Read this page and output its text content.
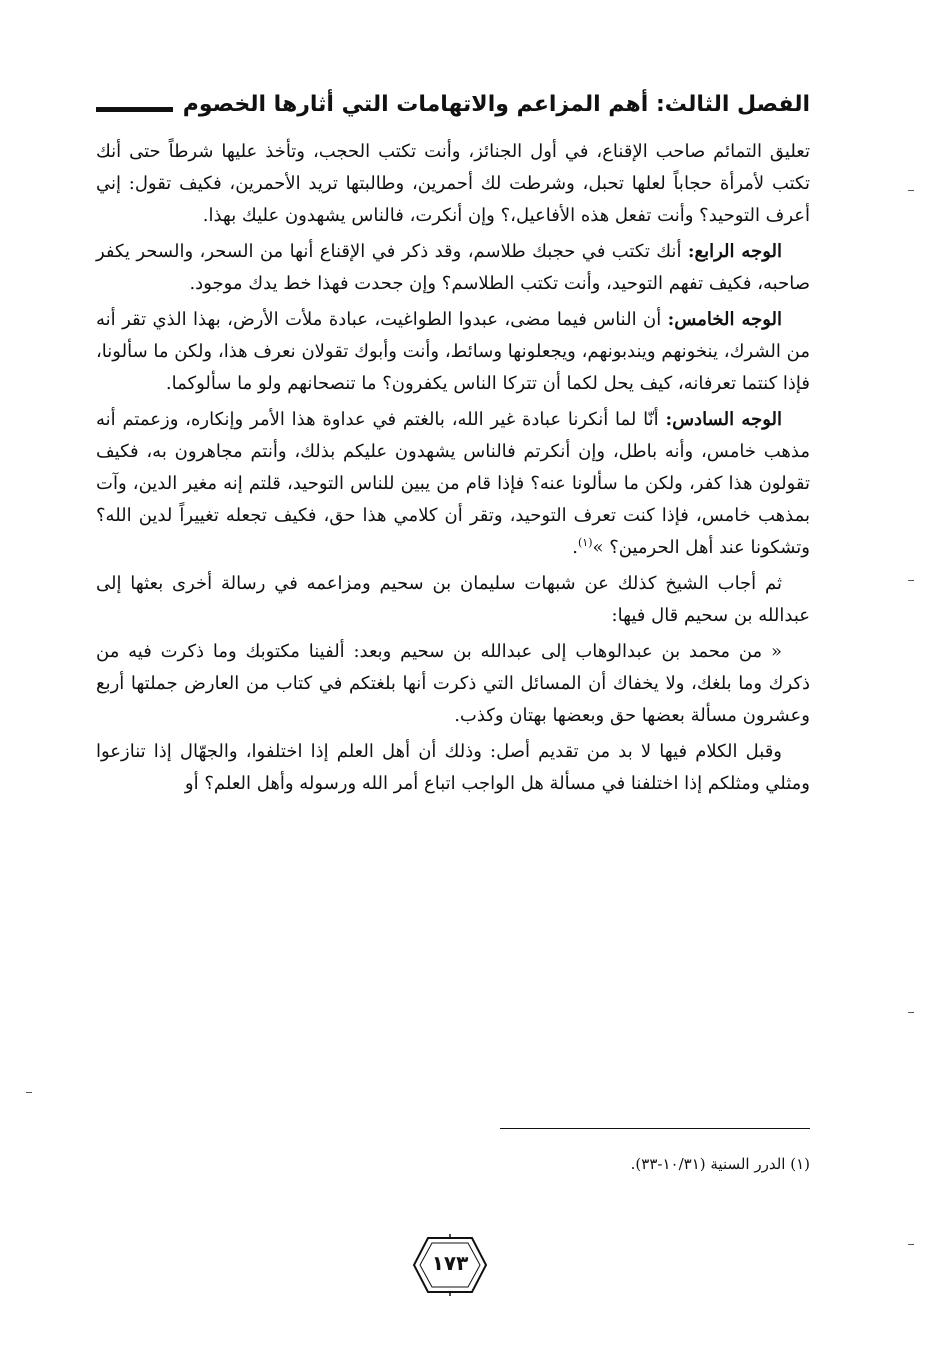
الفصل الثالث: أهم المزاعم والاتهامات التي أثارها الخصوم

تعليق التمائم صاحب الإقناع، في أول الجنائز، وأنت تكتب الحجب، وتأخذ عليها شرطاً حتى أنك تكتب لأمرأة حجاباً لعلها تحبل، وشرطت لك أحمرين، وطالبتها تريد الأحمرين، فكيف تقول: إني أعرف التوحيد؟ وأنت تفعل هذه الأفاعيل،؟ وإن أنكرت، فالناس يشهدون عليك بهذا.

الوجه الرابع: أنك تكتب في حجبك طلاسم، وقد ذكر في الإقناع أنها من السحر، والسحر يكفر صاحبه، فكيف تفهم التوحيد، وأنت تكتب الطلاسم؟ وإن جحدت فهذا خط يدك موجود.

الوجه الخامس: أن الناس فيما مضى، عبدوا الطواغيت، عبادة ملأت الأرض، بهذا الذي تقر أنه من الشرك، ينخونهم ويندبونهم، ويجعلونها وسائط، وأنت وأبوك تقولان نعرف هذا، ولكن ما سألونا، فإذا كنتما تعرفانه، كيف يحل لكما أن تتركا الناس يكفرون؟ ما تنصحانهم ولو ما سألوكما.

الوجه السادس: أنّا لما أنكرنا عبادة غير الله، بالغتم في عداوة هذا الأمر وإنكاره، وزعمتم أنه مذهب خامس، وأنه باطل، وإن أنكرتم فالناس يشهدون عليكم بذلك، وأنتم مجاهرون به، فكيف تقولون هذا كفر، ولكن ما سألونا عنه؟ فإذا قام من يبين للناس التوحيد، قلتم إنه مغير الدين، وآت بمذهب خامس، فإذا كنت تعرف التوحيد، وتقر أن كلامي هذا حق، فكيف تجعله تغييراً لدين الله؟ وتشكونا عند أهل الحرمين؟ »$^{(١)}$.

ثم أجاب الشيخ كذلك عن شبهات سليمان بن سحيم ومزاعمه في رسالة أخرى بعثها إلى عبدالله بن سحيم قال فيها:

« من محمد بن عبدالوهاب إلى عبدالله بن سحيم وبعد: ألفينا مكتوبك وما ذكرت فيه من ذكرك وما بلغك، ولا يخفاك أن المسائل التي ذكرت أنها بلغتكم في كتاب من العارض جملتها أربع وعشرون مسألة بعضها حق وبعضها بهتان وكذب.

وقبل الكلام فيها لا بد من تقديم أصل: وذلك أن أهل العلم إذا اختلفوا، والجهّال إذا تنازعوا ومثلي ومثلكم إذا اختلفنا في مسألة هل الواجب اتباع أمر الله ورسوله وأهل العلم؟ أو

(١) الدرر السنية (١٠/٣١-٣٣).
١٧٣
